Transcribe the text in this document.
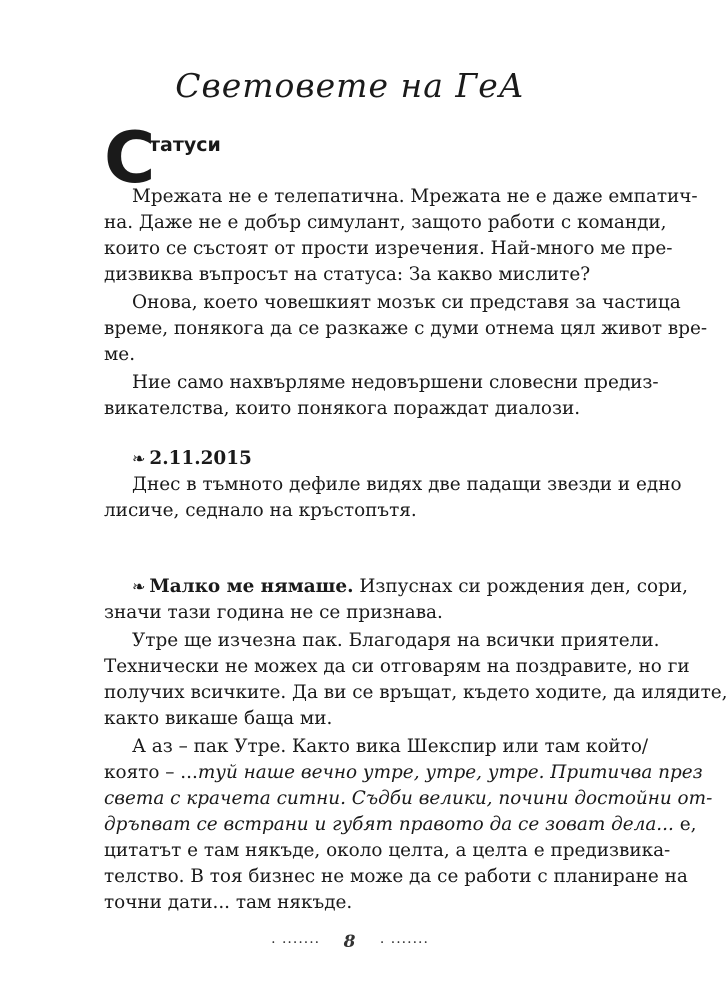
Световете на ГеА
С
татуси
Мрежата не е телепатична. Мрежата не е даже емпатич-
на. Даже не е добър симулант, защото работи с команди,
които се състоят от прости изречения. Най-много ме пре-
дизвиква въпросът на статуса: За какво мислите?
Онова, което човешкият мозък си представя за частица
време, понякога да се разкаже с думи отнема цял живот вре-
ме.
Ние само нахвърляме недовършени словесни предиз-
викателства, които понякога пораждат диалози.
❧ 2.11.2015
Днес в тъмното дефиле видях две падащи звезди и едно
лисиче, седнало на кръстопътя.
❧ Малко ме нямаше. Изпуснах си рождения ден, сори,
значи тази година не се признава.
Утре ще изчезна пак. Благодаря на всички приятели.
Технически не можех да си отговарям на поздравите, но ги
получих всичките. Да ви се връщат, където ходите, да илядите,
както викаше баща ми.
А аз – пак Утре. Както вика Шекспир или там който/
която – ...туй наше вечно утре, утре, утре. Притичва през
света с крачета ситни. Съдби велики, почини достойни от-
дръпват се встрани и губят правото да се зоват дела... е,
цитатът е там някъде, около целта, а целта е предизвика-
телство. В тоя бизнес не може да се работи с планиране на
точни дати... там някъде.
· ······· 8 · ·······
